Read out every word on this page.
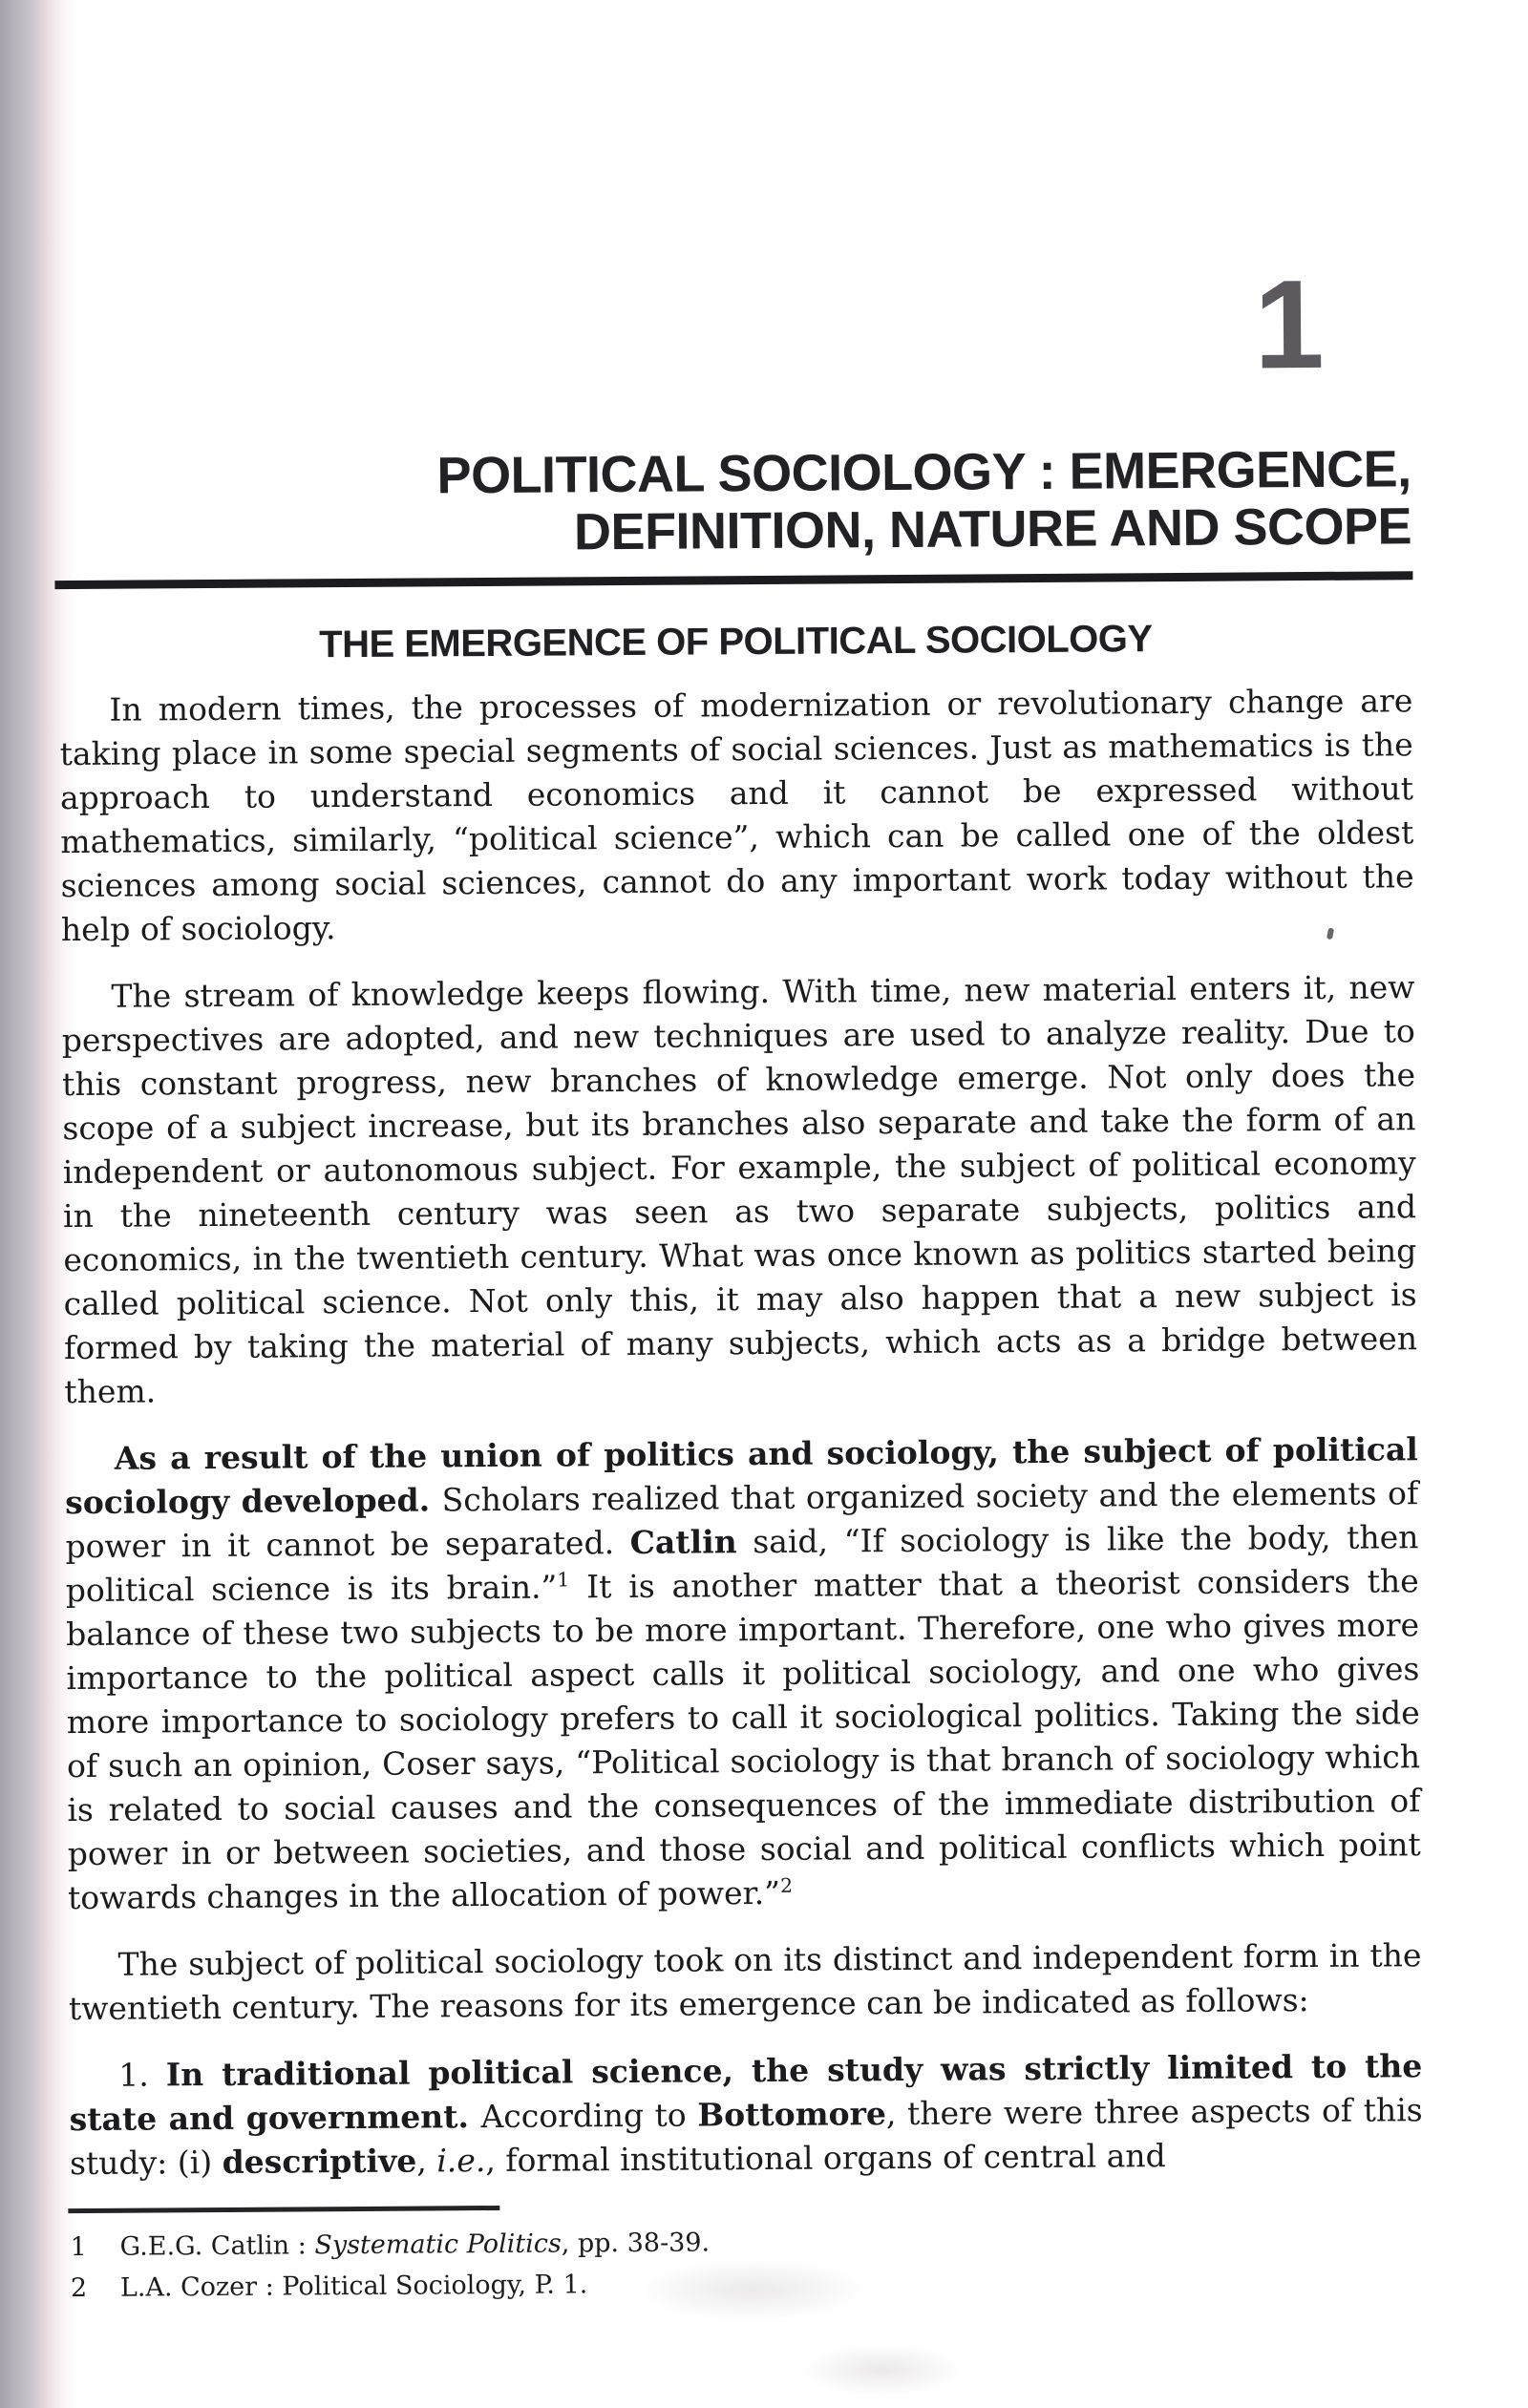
1
POLITICAL SOCIOLOGY : EMERGENCE,
DEFINITION, NATURE AND SCOPE
THE EMERGENCE OF POLITICAL SOCIOLOGY

In modern times, the processes of modernization or revolutionary change are taking place in some special segments of social sciences. Just as mathematics is the approach to understand economics and it cannot be expressed without mathematics, similarly, “political science”, which can be called one of the oldest sciences among social sciences, cannot do any important work today without the help of sociology.

The stream of knowledge keeps flowing. With time, new material enters it, new perspectives are adopted, and new techniques are used to analyze reality. Due to this constant progress, new branches of knowledge emerge. Not only does the scope of a subject increase, but its branches also separate and take the form of an independent or autonomous subject. For example, the subject of political economy in the nineteenth century was seen as two separate subjects, politics and economics, in the twentieth century. What was once known as politics started being called political science. Not only this, it may also happen that a new subject is formed by taking the material of many subjects, which acts as a bridge between them.

As a result of the union of politics and sociology, the subject of political sociology developed. Scholars realized that organized society and the elements of power in it cannot be separated. Catlin said, “If sociology is like the body, then political science is its brain.”$^1$ It is another matter that a theorist considers the balance of these two subjects to be more important. Therefore, one who gives more importance to the political aspect calls it political sociology, and one who gives more importance to sociology prefers to call it sociological politics. Taking the side of such an opinion, Coser says, “Political sociology is that branch of sociology which is related to social causes and the consequences of the immediate distribution of power in or between societies, and those social and political conflicts which point towards changes in the allocation of power.”$^2$

The subject of political sociology took on its distinct and independent form in the twentieth century. The reasons for its emergence can be indicated as follows:

1. In traditional political science, the study was strictly limited to the state and government. According to Bottomore, there were three aspects of this study: (i) descriptive, i.e., formal institutional organs of central and

1 G.E.G. Catlin : Systematic Politics, pp. 38-39.
2 L.A. Cozer : Political Sociology, P. 1.
